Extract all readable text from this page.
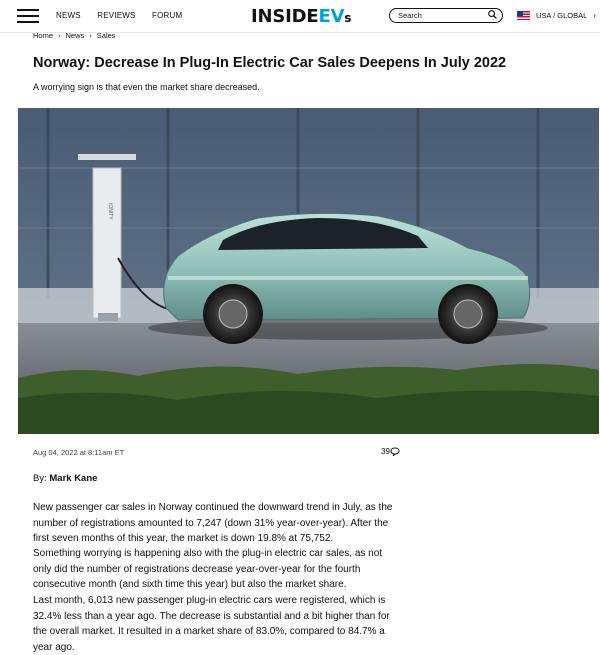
NEWS REVIEWS FORUM	INSIDEEVs
Search	USA / GLOBAL ›
Home › News › Sales
Norway: Decrease In Plug-In Electric Car Sales Deepens In July 2022
A worrying sign is that even the market share decreased.
IONITY
Aug 04, 2022 at 8:11am ET	39
By: Mark Kane

New passenger car sales in Norway continued the downward trend in July, as the number of registrations amounted to 7,247 (down 31% year-over-year). After the first seven months of this year, the market is down 19.8% at 75,752.

Something worrying is happening also with the plug-in electric car sales, as not only did the number of registrations decrease year-over-year for the fourth consecutive month (and sixth time this year) but also the market share.

Last month, 6,013 new passenger plug-in electric cars were registered, which is 32.4% less than a year ago. The decrease is substantial and a bit higher than for the overall market. It resulted in a market share of 83.0%, compared to 84.7% a year ago.
